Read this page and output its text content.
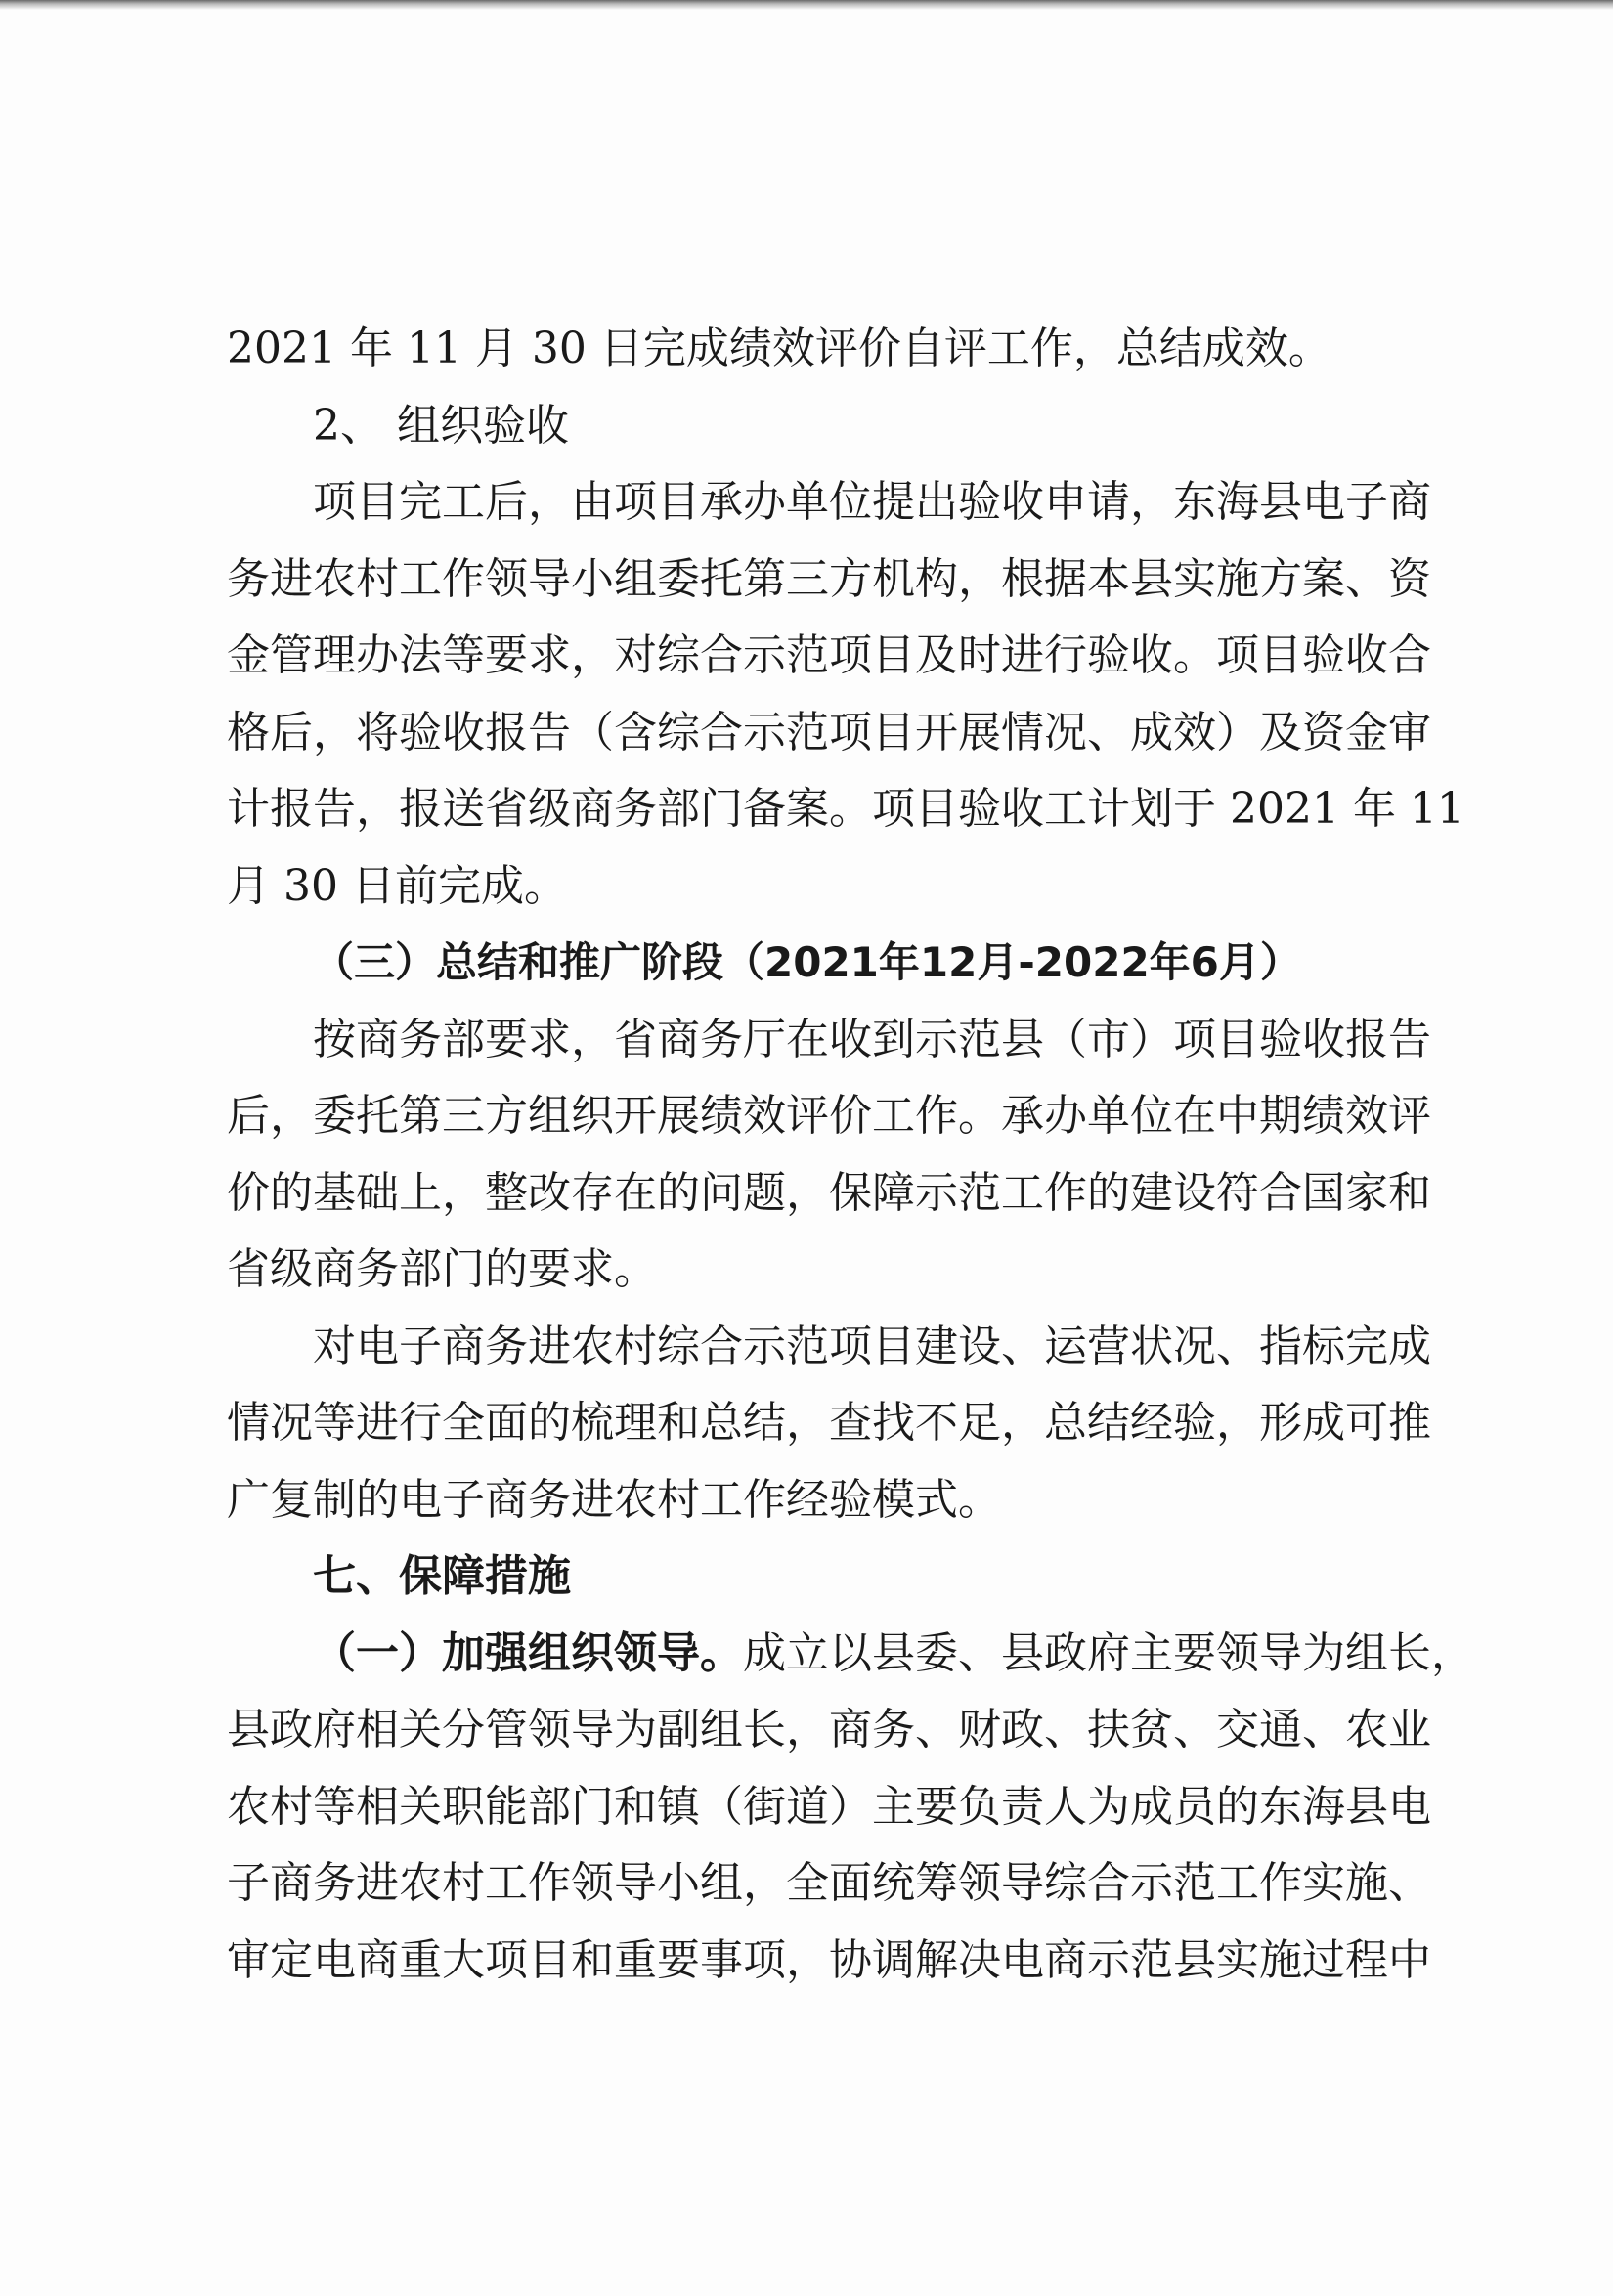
2021 年 11 月 30 日完成绩效评价自评工作，总结成效。
2、 组织验收
项目完工后，由项目承办单位提出验收申请，东海县电子商
务进农村工作领导小组委托第三方机构，根据本县实施方案、资
金管理办法等要求，对综合示范项目及时进行验收。项目验收合
格后，将验收报告（含综合示范项目开展情况、成效）及资金审
计报告，报送省级商务部门备案。项目验收工计划于 2021 年 11
月 30 日前完成。
（三）总结和推广阶段（2021年12月-2022年6月）
按商务部要求，省商务厅在收到示范县（市）项目验收报告
后，委托第三方组织开展绩效评价工作。承办单位在中期绩效评
价的基础上，整改存在的问题，保障示范工作的建设符合国家和
省级商务部门的要求。
对电子商务进农村综合示范项目建设、运营状况、指标完成
情况等进行全面的梳理和总结，查找不足，总结经验，形成可推
广复制的电子商务进农村工作经验模式。
七、保障措施
（一）加强组织领导。成立以县委、县政府主要领导为组长，
县政府相关分管领导为副组长，商务、财政、扶贫、交通、农业
农村等相关职能部门和镇（街道）主要负责人为成员的东海县电
子商务进农村工作领导小组，全面统筹领导综合示范工作实施、
审定电商重大项目和重要事项，协调解决电商示范县实施过程中
